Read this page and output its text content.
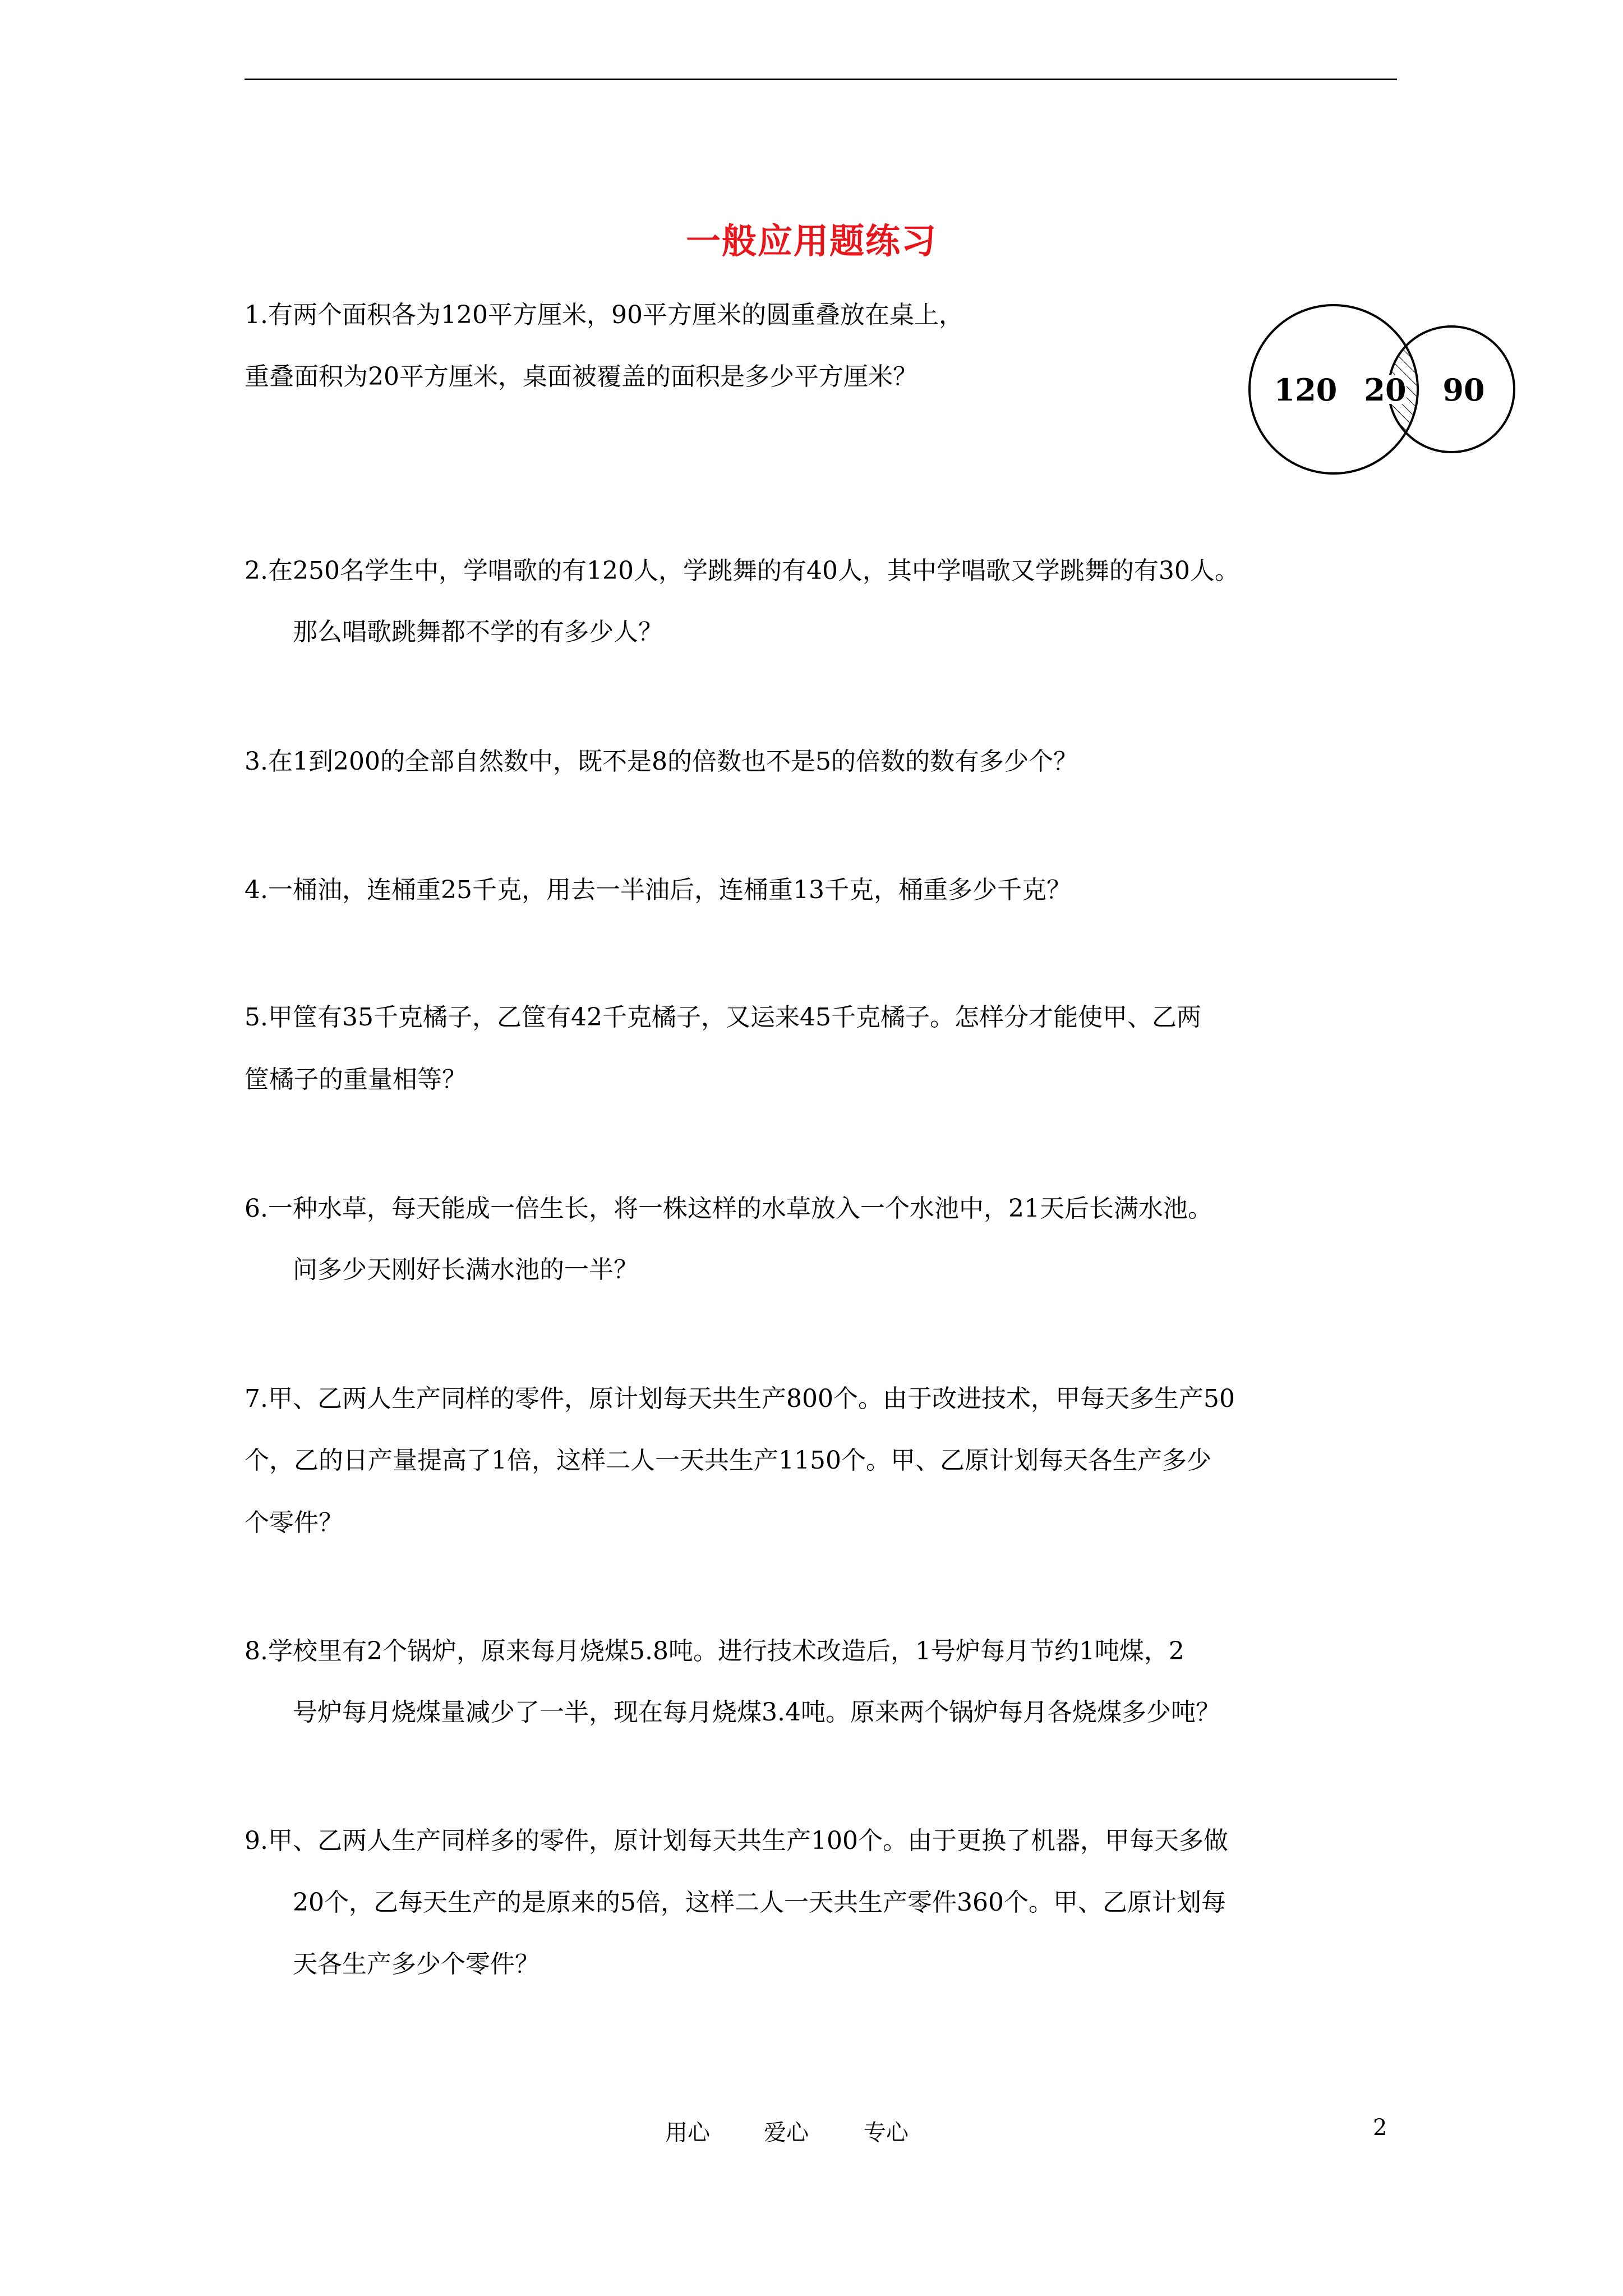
一般应用题练习
1.有两个面积各为120平方厘米，90平方厘米的圆重叠放在桌上，
重叠面积为20平方厘米，桌面被覆盖的面积是多少平方厘米？	120 20 90
2.在250名学生中，学唱歌的有120人，学跳舞的有40人，其中学唱歌又学跳舞的有30人。
那么唱歌跳舞都不学的有多少人？
3.在1到200的全部自然数中，既不是8的倍数也不是5的倍数的数有多少个？
4.一桶油，连桶重25千克，用去一半油后，连桶重13千克，桶重多少千克？
5.甲筐有35千克橘子，乙筐有42千克橘子，又运来45千克橘子。怎样分才能使甲、乙两
筐橘子的重量相等？
6.一种水草，每天能成一倍生长，将一株这样的水草放入一个水池中，21天后长满水池。
问多少天刚好长满水池的一半？
7.甲、乙两人生产同样的零件，原计划每天共生产800个。由于改进技术，甲每天多生产50
个，乙的日产量提高了1倍，这样二人一天共生产1150个。甲、乙原计划每天各生产多少
个零件？
8.学校里有2个锅炉，原来每月烧煤5.8吨。进行技术改造后，1号炉每月节约1吨煤，2
号炉每月烧煤量减少了一半，现在每月烧煤3.4吨。原来两个锅炉每月各烧煤多少吨？
9.甲、乙两人生产同样多的零件，原计划每天共生产100个。由于更换了机器，甲每天多做
20个，乙每天生产的是原来的5倍，这样二人一天共生产零件360个。甲、乙原计划每
天各生产多少个零件？
用心 爱心 专心	2
